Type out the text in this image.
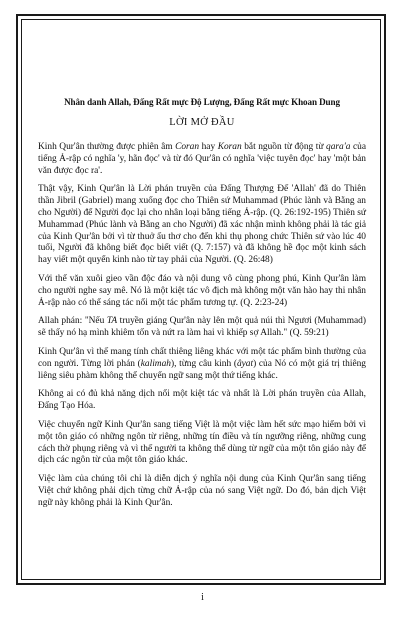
Nhân danh Allah, Đấng Rất mực Độ Lượng, Đấng Rất mực Khoan Dung

LỜI MỞ ĐẦU

Kinh Qur'ân thường được phiên âm Coran hay Koran bắt nguồn từ động từ qara'a của tiếng Ả-rập có nghĩa 'y, hãn đọc' và từ đó Qur'ân có nghĩa 'việc tuyên đọc' hay 'một bản văn được đọc ra'.

Thật vậy, Kinh Qur'ân là Lời phán truyền của Đấng Thượng Đế 'Allah' đã do Thiên thần Jibril (Gabriel) mang xuống đọc cho Thiên sứ Muhammad (Phúc lành và Bằng an cho Người) để Người đọc lại cho nhân loại bằng tiếng Ả-rập. (Q. 26:192-195) Thiên sứ Muhammad (Phúc lành và Bằng an cho Người) đã xác nhận mình không phải là tác giả của Kinh Qur'ân bởi vì từ thuở ấu thơ cho đến khi thụ phong chức Thiên sứ vào lúc 40 tuổi, Người đã không biết đọc biết viết (Q. 7:157) và đã không hề đọc một kinh sách hay viết một quyển kinh nào từ tay phải của Người. (Q. 26:48)

Với thể văn xuôi gieo vần độc đáo và nội dung vô cùng phong phú, Kinh Qur'ân làm cho người nghe say mê. Nó là một kiệt tác vô địch mà không một văn hào hay thi nhân Ả-rập nào có thể sáng tác nổi một tác phẩm tương tự. (Q. 2:23-24)

Allah phán: "Nếu TA truyền giáng Qur'ân này lên một quả núi thì Ngươi (Muhammad) sẽ thấy nó hạ mình khiêm tốn và nứt ra làm hai vì khiếp sợ Allah." (Q. 59:21)

Kinh Qur'ân vì thế mang tính chất thiêng liêng khác với một tác phẩm bình thường của con người. Từng lời phán (kalimah), từng câu kinh (âyat) của Nó có một giá trị thiêng liêng siêu phàm không thể chuyển ngữ sang một thứ tiếng khác.

Không ai có đủ khả năng dịch nổi một kiệt tác và nhất là Lời phán truyền của Allah, Đấng Tạo Hóa.

Việc chuyển ngữ Kinh Qur'ân sang tiếng Việt là một việc làm hết sức mạo hiểm bởi vì một tôn giáo có những ngôn từ riêng, những tín điều và tín ngưỡng riêng, những cung cách thờ phụng riêng và vì thế người ta không thể dùng từ ngữ của một tôn giáo này để dịch các ngôn từ của một tôn giáo khác.

Việc làm của chúng tôi chỉ là diễn dịch ý nghĩa nội dung của Kinh Qur'ân sang tiếng Việt chứ không phải dịch từng chữ Ả-rập của nó sang Việt ngữ. Do đó, bản dịch Việt ngữ này không phải là Kinh Qur'ân.

i
